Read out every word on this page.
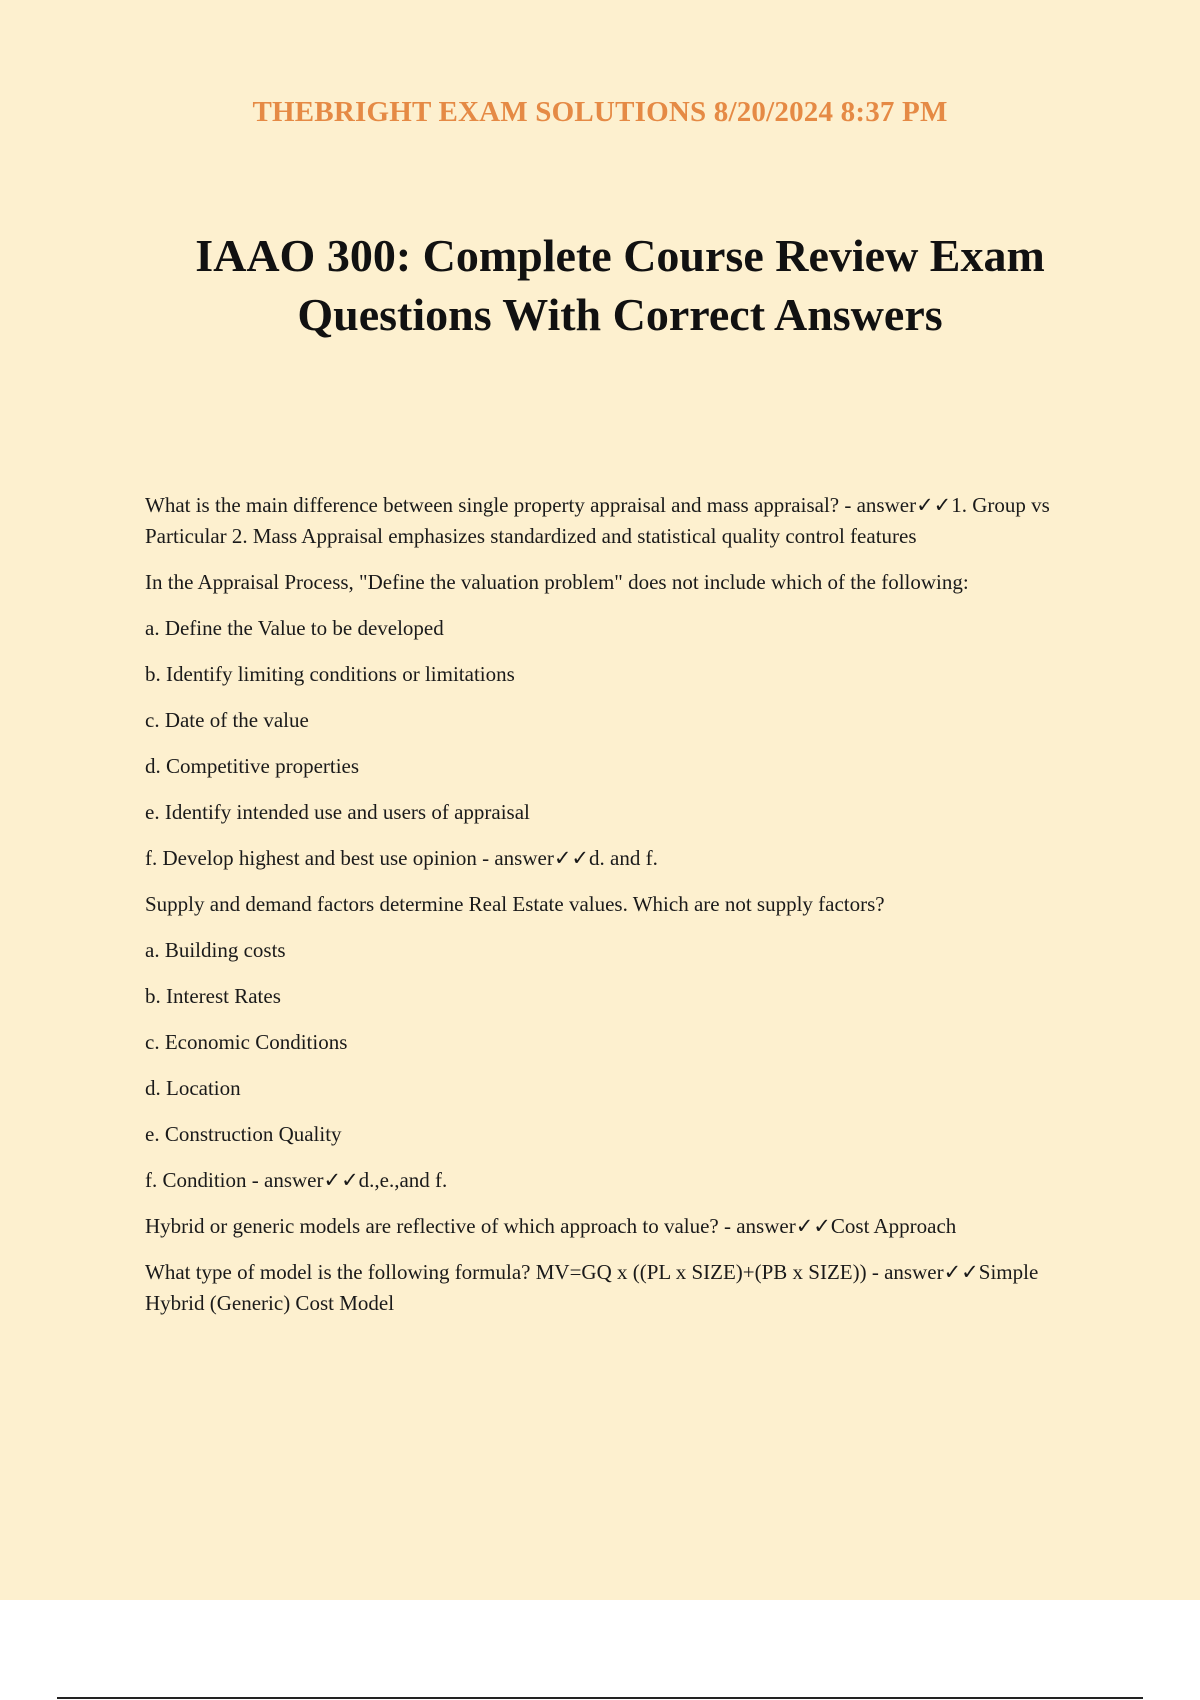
THEBRIGHT EXAM SOLUTIONS 8/20/2024 8:37 PM
IAAO 300: Complete Course Review Exam
Questions With Correct Answers

What is the main difference between single property appraisal and mass appraisal? - answer✓✓1. Group vs Particular 2. Mass Appraisal emphasizes standardized and statistical quality control features

In the Appraisal Process, "Define the valuation problem" does not include which of the following:

a. Define the Value to be developed

b. Identify limiting conditions or limitations

c. Date of the value

d. Competitive properties

e. Identify intended use and users of appraisal

f. Develop highest and best use opinion - answer✓✓d. and f.

Supply and demand factors determine Real Estate values. Which are not supply factors?

a. Building costs

b. Interest Rates

c. Economic Conditions

d. Location

e. Construction Quality

f. Condition - answer✓✓d.,e.,and f.

Hybrid or generic models are reflective of which approach to value? - answer✓✓Cost Approach

What type of model is the following formula? MV=GQ x ((PL x SIZE)+(PB x SIZE)) - answer✓✓Simple Hybrid (Generic) Cost Model
